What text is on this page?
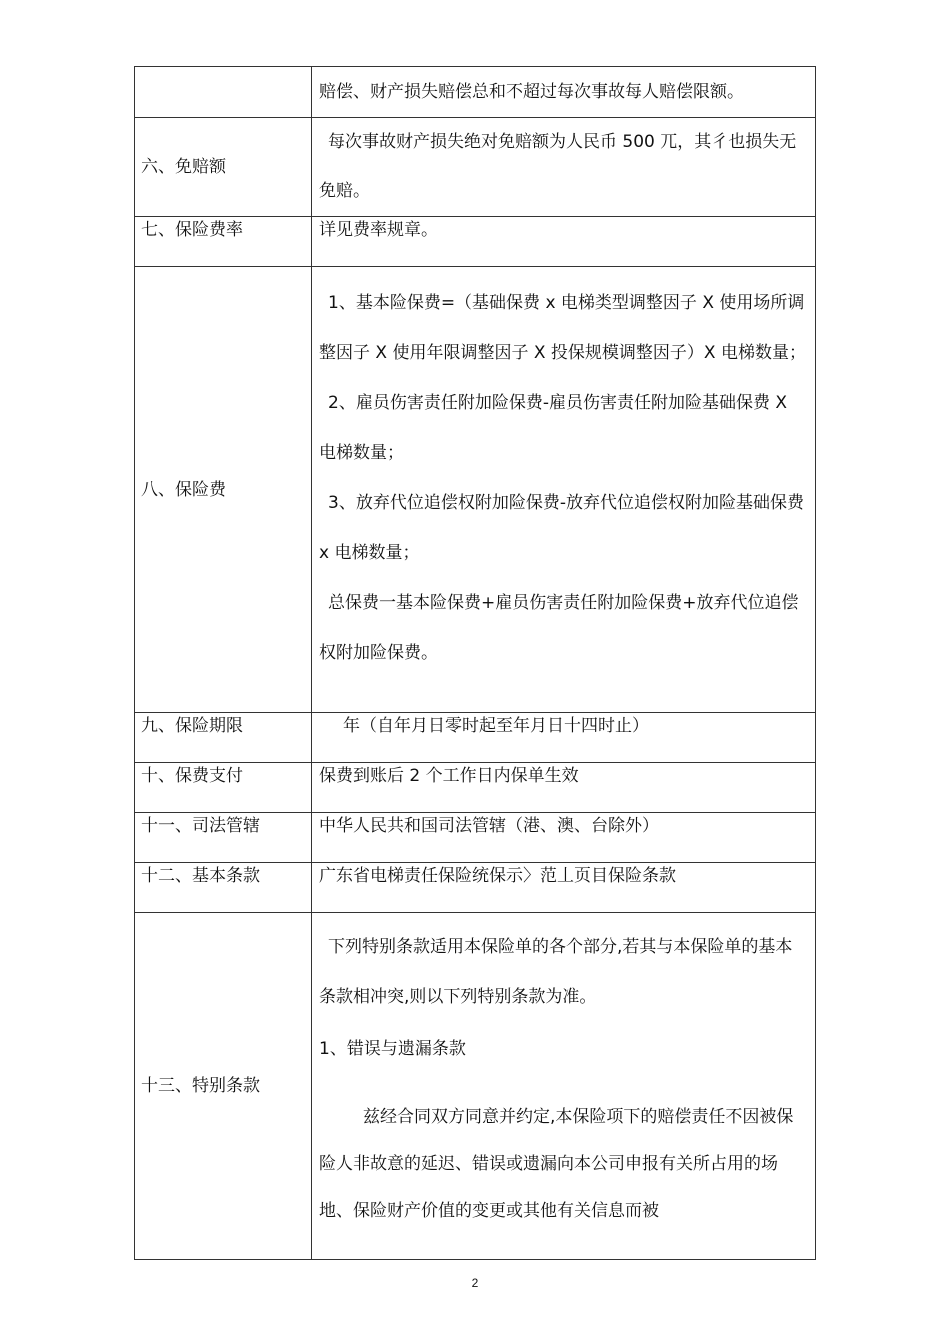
	赔偿、财产损失赔偿总和不超过每次事故每人赔偿限额。

六、免赔额	每次事故财产损失绝对免赔额为人民币 500 兀，其彳也损失无免赔。

七、保险费率	详见费率规章。

八、保险费	1、基本险保费=（基础保费 x 电梯类型调整因子 X 使用场所调整因子 X 使用年限调整因子 X 投保规模调整因子）X 电梯数量；

2、雇员伤害责任附加险保费-雇员伤害责任附加险基础保费 X 电梯数量；

3、放弃代位追偿权附加险保费-放弃代位追偿权附加险基础保费 x 电梯数量；

总保费一基本险保费+雇员伤害责任附加险保费+放弃代位追偿权附加险保费。

九、保险期限	年（自年月日零时起至年月日十四时止）

十、保费支付	保费到账后 2 个工作日内保单生效

十一、司法管辖	中华人民共和国司法管辖（港、澳、台除外）

十二、基本条款	广东省电梯责任保险统保示〉范丄页目保险条款

十三、特别条款	下列特别条款适用本保险单的各个部分,若其与本保险单的基本条款相冲突,则以下列特别条款为准。

1、错误与遗漏条款

兹经合同双方同意并约定,本保险项下的赔偿责任不因被保险人非故意的延迟、错误或遗漏向本公司申报有关所占用的场地、保险财产价值的变更或其他有关信息而被

2
